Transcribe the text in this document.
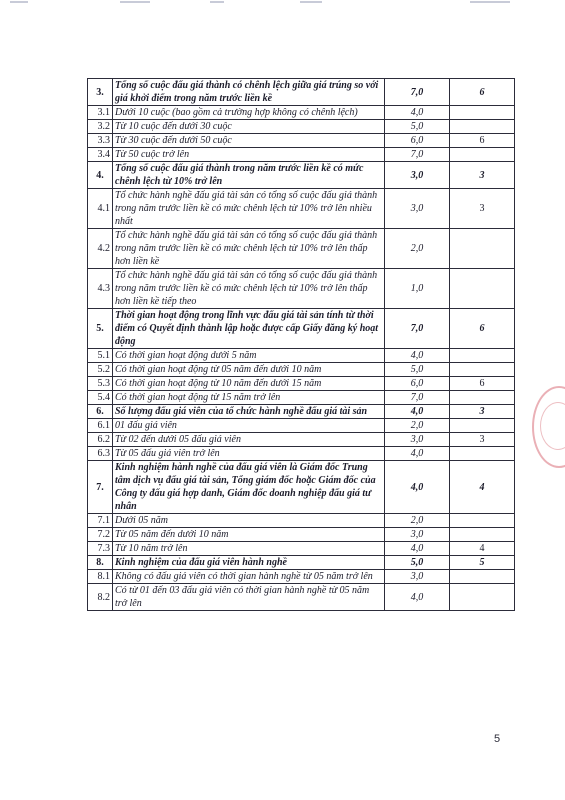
3.	Tổng số cuộc đấu giá thành có chênh lệch giữa giá trúng so với giá khởi điểm trong năm trước liền kề	7,0	6
3.1	Dưới 10 cuộc (bao gồm cả trường hợp không có chênh lệch)	4,0	
3.2	Từ 10 cuộc đến dưới 30 cuộc	5,0	
3.3	Từ 30 cuộc đến dưới 50 cuộc	6,0	6
3.4	Từ 50 cuộc trở lên	7,0	
4.	Tổng số cuộc đấu giá thành trong năm trước liền kề có mức chênh lệch từ 10% trở lên	3,0	3
4.1	Tổ chức hành nghề đấu giá tài sản có tổng số cuộc đấu giá thành trong năm trước liền kề có mức chênh lệch từ 10% trở lên nhiều nhất	3,0	3
4.2	Tổ chức hành nghề đấu giá tài sản có tổng số cuộc đấu giá thành trong năm trước liền kề có mức chênh lệch từ 10% trở lên thấp hơn liền kề	2,0	
4.3	Tổ chức hành nghề đấu giá tài sản có tổng số cuộc đấu giá thành trong năm trước liền kề có mức chênh lệch từ 10% trở lên thấp hơn liền kề tiếp theo	1,0	
5.	Thời gian hoạt động trong lĩnh vực đấu giá tài sản tính từ thời điểm có Quyết định thành lập hoặc được cấp Giấy đăng ký hoạt động	7,0	6
5.1	Có thời gian hoạt động dưới 5 năm	4,0	
5.2	Có thời gian hoạt động từ 05 năm đến dưới 10 năm	5,0	
5.3	Có thời gian hoạt động từ 10 năm đến dưới 15 năm	6,0	6
5.4	Có thời gian hoạt động từ 15 năm trở lên	7,0	
6.	Số lượng đấu giá viên của tổ chức hành nghề đấu giá tài sản	4,0	3
6.1	01 đấu giá viên	2,0	
6.2	Từ 02 đến dưới 05 đấu giá viên	3,0	3
6.3	Từ 05 đấu giá viên trở lên	4,0	
7.	Kinh nghiệm hành nghề của đấu giá viên là Giám đốc Trung tâm dịch vụ đấu giá tài sản, Tổng giám đốc hoặc Giám đốc của Công ty đấu giá hợp danh, Giám đốc doanh nghiệp đấu giá tư nhân	4,0	4
7.1	Dưới 05 năm	2,0	
7.2	Từ 05 năm đến dưới 10 năm	3,0	
7.3	Từ 10 năm trở lên	4,0	4
8.	Kinh nghiệm của đấu giá viên hành nghề	5,0	5
8.1	Không có đấu giá viên có thời gian hành nghề từ 05 năm trở lên	3,0	
8.2	Có từ 01 đến 03 đấu giá viên có thời gian hành nghề từ 05 năm trở lên	4,0	
5
